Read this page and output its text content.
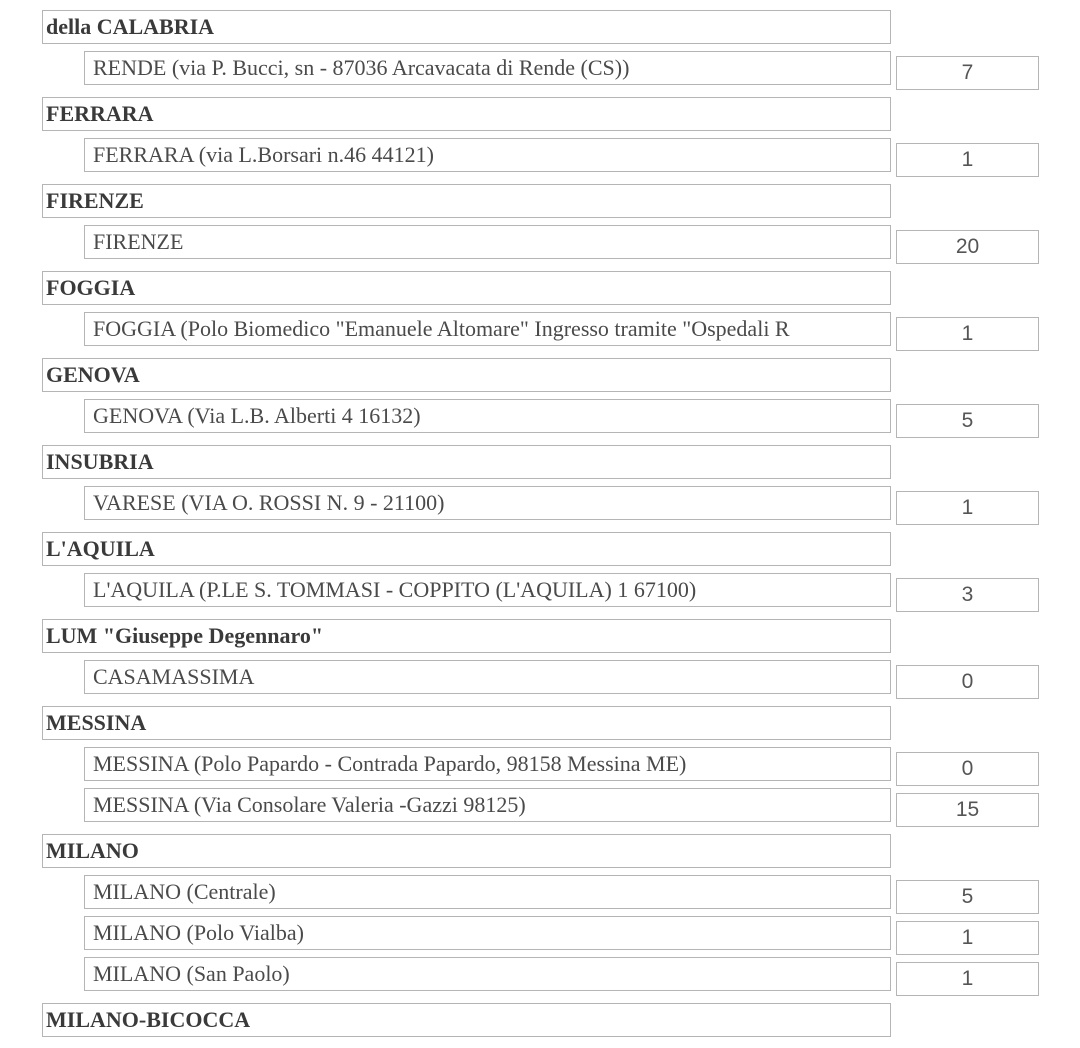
della CALABRIA
RENDE (via P. Bucci, sn - 87036 Arcavacata di Rende (CS))
7
FERRARA
FERRARA (via L.Borsari n.46 44121)
1
FIRENZE
FIRENZE
20
FOGGIA
FOGGIA (Polo Biomedico "Emanuele Altomare" Ingresso tramite "Ospedali R
1
GENOVA
GENOVA (Via L.B. Alberti 4 16132)
5
INSUBRIA
VARESE (VIA O. ROSSI N. 9 - 21100)
1
L'AQUILA
L'AQUILA (P.LE S. TOMMASI - COPPITO (L'AQUILA) 1 67100)
3
LUM "Giuseppe Degennaro"
CASAMASSIMA
0
MESSINA
MESSINA (Polo Papardo - Contrada Papardo, 98158 Messina ME)
0
MESSINA (Via Consolare Valeria -Gazzi 98125)
15
MILANO
MILANO (Centrale)
5
MILANO (Polo Vialba)
1
MILANO (San Paolo)
1
MILANO-BICOCCA
